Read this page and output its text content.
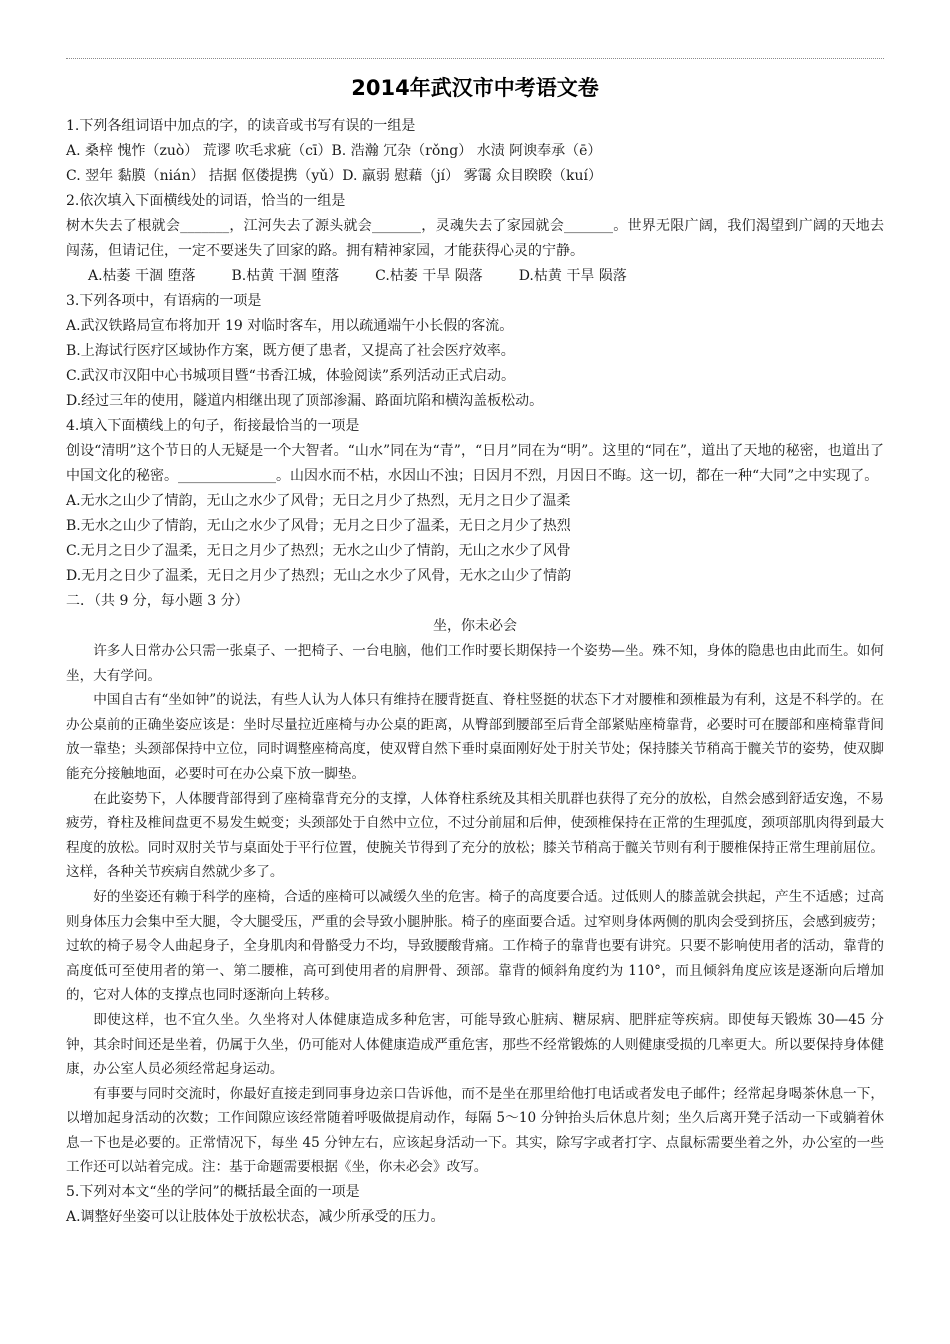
2014年武汉市中考语文卷
1.下列各组词语中加点的字，的读音或书写有误的一组是
A. 桑梓 愧怍（zuò） 荒谬 吹毛求疵（cī）B. 浩瀚 冗杂（rǒng） 水渍 阿谀奉承（ē）
C. 翌年 黏膜（nián） 拮据 伛偻提携（yǔ）D. 羸弱 慰藉（jí） 雾霭 众目睽睽（kuí）
2.依次填入下面横线处的词语，恰当的一组是
树木失去了根就会_______，江河失去了源头就会_______，灵魂失去了家园就会_______。世界无限广阔，我们渴望到广阔的天地去闯荡，但请记住，一定不要迷失了回家的路。拥有精神家园，才能获得心灵的宁静。
A.枯萎 干涸 堕落	B.枯黄 干涸 堕落	C.枯萎 干旱 陨落	D.枯黄 干旱 陨落
3.下列各项中，有语病的一项是
A.武汉铁路局宣布将加开 19 对临时客车，用以疏通端午小长假的客流。
B.上海试行医疗区域协作方案，既方便了患者，又提高了社会医疗效率。
C.武汉市汉阳中心书城项目暨“书香江城，体验阅读”系列活动正式启动。
D.经过三年的使用，隧道内相继出现了顶部渗漏、路面坑陷和横沟盖板松动。
4.填入下面横线上的句子，衔接最恰当的一项是
创设“清明”这个节日的人无疑是一个大智者。“山水”同在为“青”，“日月”同在为“明”。这里的“同在”，道出了天地的秘密，也道出了中国文化的秘密。______________。山因水而不枯，水因山不浊；日因月不烈，月因日不晦。这一切，都在一种“大同”之中实现了。
A.无水之山少了情韵，无山之水少了风骨；无日之月少了热烈，无月之日少了温柔
B.无水之山少了情韵，无山之水少了风骨；无月之日少了温柔，无日之月少了热烈
C.无月之日少了温柔，无日之月少了热烈；无水之山少了情韵，无山之水少了风骨
D.无月之日少了温柔，无日之月少了热烈；无山之水少了风骨，无水之山少了情韵
二．（共 9 分，每小题 3 分）
坐，你未必会
许多人日常办公只需一张桌子、一把椅子、一台电脑，他们工作时要长期保持一个姿势—坐。殊不知，身体的隐患也由此而生。如何坐，大有学问。
中国自古有“坐如钟”的说法，有些人认为人体只有维持在腰背挺直、脊柱竖挺的状态下才对腰椎和颈椎最为有利，这是不科学的。在办公桌前的正确坐姿应该是：坐时尽量拉近座椅与办公桌的距离，从臀部到腰部至后背全部紧贴座椅靠背，必要时可在腰部和座椅靠背间放一靠垫；头颈部保持中立位，同时调整座椅高度，使双臂自然下垂时桌面刚好处于肘关节处；保持膝关节稍高于髋关节的姿势，使双脚能充分接触地面，必要时可在办公桌下放一脚垫。
在此姿势下，人体腰背部得到了座椅靠背充分的支撑，人体脊柱系统及其相关肌群也获得了充分的放松，自然会感到舒适安逸，不易疲劳，脊柱及椎间盘更不易发生蜕变；头颈部处于自然中立位，不过分前屈和后伸，使颈椎保持在正常的生理弧度，颈项部肌肉得到最大程度的放松。同时双肘关节与桌面处于平行位置，使腕关节得到了充分的放松；膝关节稍高于髋关节则有利于腰椎保持正常生理前屈位。这样，各种关节疾病自然就少多了。
好的坐姿还有赖于科学的座椅，合适的座椅可以减缓久坐的危害。椅子的高度要合适。过低则人的膝盖就会拱起，产生不适感；过高则身体压力会集中至大腿，令大腿受压，严重的会导致小腿肿胀。椅子的座面要合适。过窄则身体两侧的肌肉会受到挤压，会感到疲劳；过软的椅子易令人曲起身子，全身肌肉和骨骼受力不均，导致腰酸背痛。工作椅子的靠背也要有讲究。只要不影响使用者的活动，靠背的高度低可至使用者的第一、第二腰椎，高可到使用者的肩胛骨、颈部。靠背的倾斜角度约为 110°，而且倾斜角度应该是逐渐向后增加的，它对人体的支撑点也同时逐渐向上转移。
即使这样，也不宜久坐。久坐将对人体健康造成多种危害，可能导致心脏病、糖尿病、肥胖症等疾病。即使每天锻炼 30—45 分钟，其余时间还是坐着，仍属于久坐，仍可能对人体健康造成严重危害，那些不经常锻炼的人则健康受损的几率更大。所以要保持身体健康，办公室人员必须经常起身运动。
有事要与同时交流时，你最好直接走到同事身边亲口告诉他，而不是坐在那里给他打电话或者发电子邮件；经常起身喝茶休息一下，以增加起身活动的次数；工作间隙应该经常随着呼吸做提肩动作，每隔 5～10 分钟抬头后休息片刻；坐久后离开凳子活动一下或躺着休息一下也是必要的。正常情况下，每坐 45 分钟左右，应该起身活动一下。其实，除写字或者打字、点鼠标需要坐着之外，办公室的一些工作还可以站着完成。注：基于命题需要根据《坐，你未必会》改写。
5.下列对本文“坐的学问”的概括最全面的一项是
A.调整好坐姿可以让肢体处于放松状态，减少所承受的压力。
